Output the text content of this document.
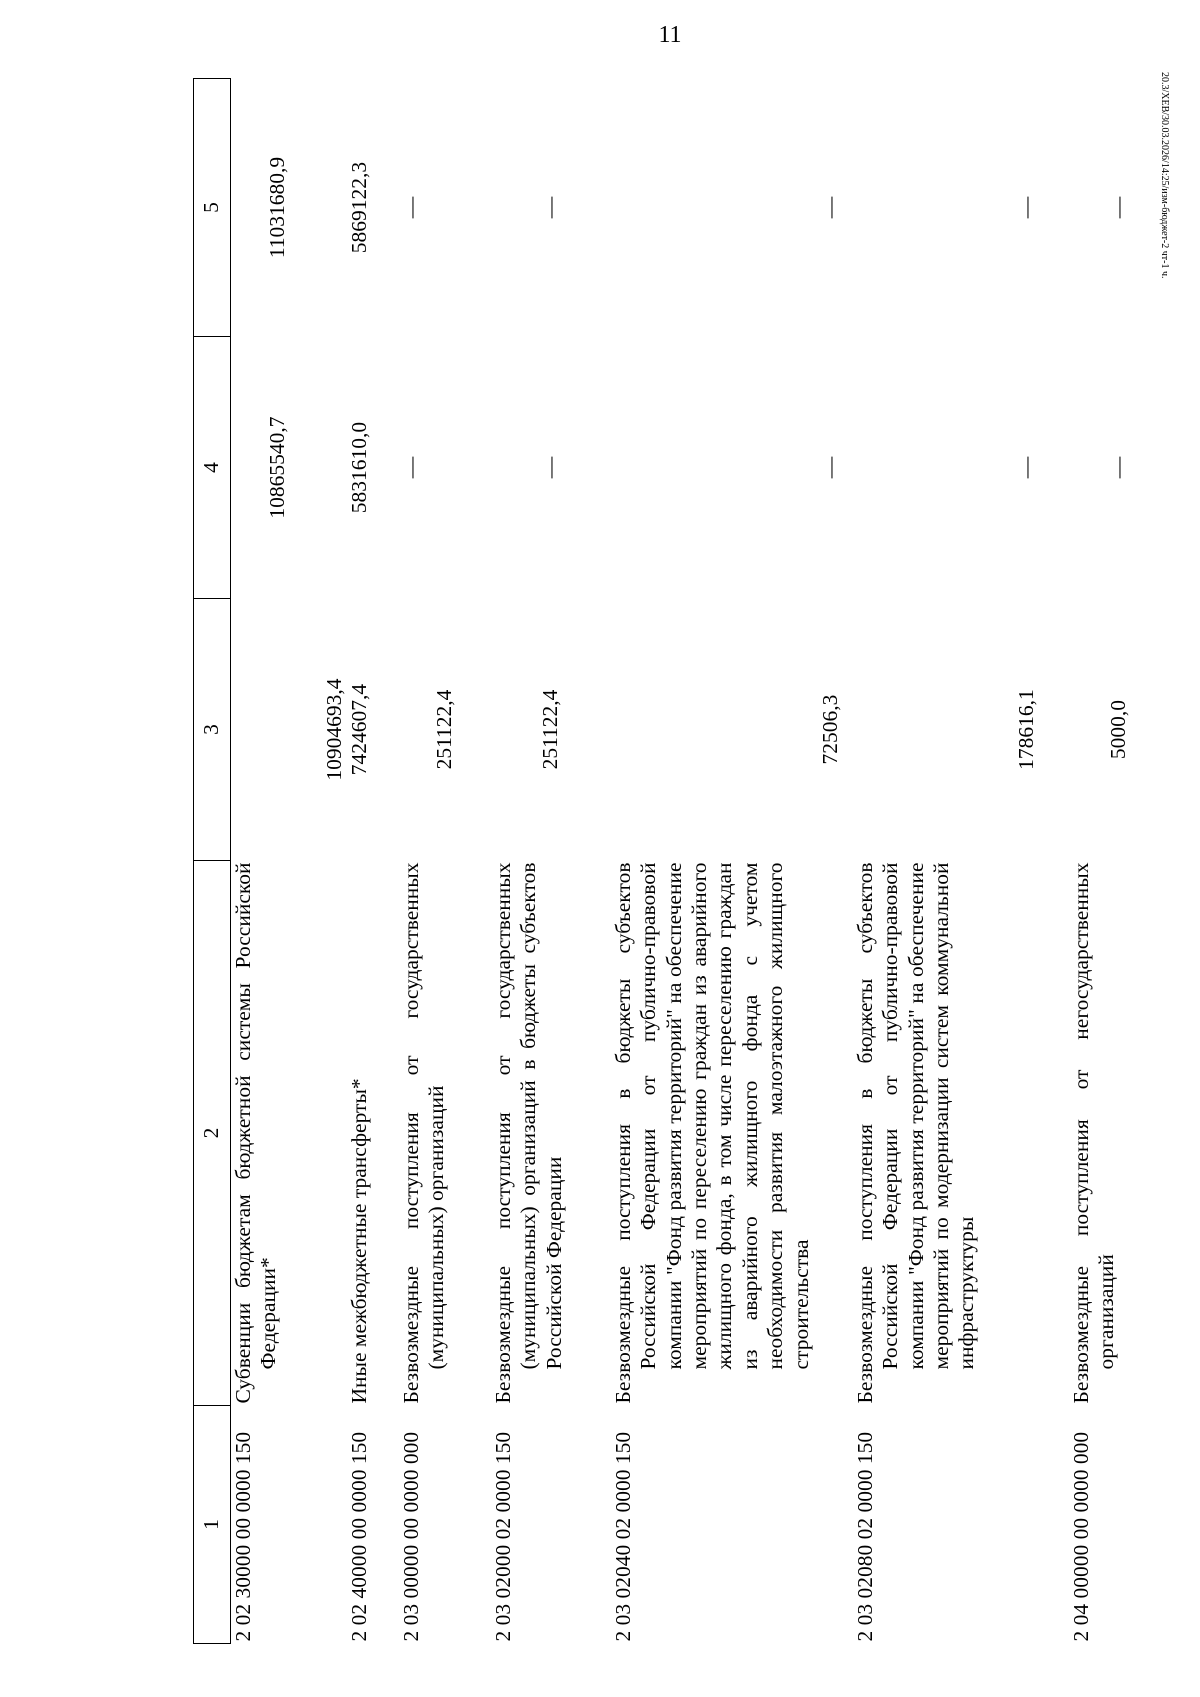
11
20.3/XEB/30.03.2026/14:25/изм-бюджет-2 чт-1 ч.
1	2	3	4	5
2 02 30000 00 0000 150	Субвенции бюджетам бюджетной системы Российской Федерации*	10904693,4	10865540,7	11031680,9
2 02 40000 00 0000 150	Иные межбюджетные трансферты*	7424607,4	5831610,0	5869122,3
2 03 00000 00 0000 000	Безвозмездные поступления от государственных (муниципальных) организаций	251122,4	—	—
2 03 02000 02 0000 150	Безвозмездные поступления от государственных (муниципальных) организаций в бюджеты субъектов Российской Федерации	251122,4	—	—
2 03 02040 02 0000 150	Безвозмездные поступления в бюджеты субъектов Российской Федерации от публично-правовой компании "Фонд развития территорий" на обеспечение мероприятий по переселению граждан из аварийного жилищного фонда, в том числе переселению граждан из аварийного жилищного фонда с учетом необходимости развития малоэтажного жилищного строительства	72506,3	—	—
2 03 02080 02 0000 150	Безвозмездные поступления в бюджеты субъектов Российской Федерации от публично-правовой компании "Фонд развития территорий" на обеспечение мероприятий по модернизации систем коммунальной инфраструктуры	178616,1	—	—
2 04 00000 00 0000 000	Безвозмездные поступления от негосударственных организаций	5000,0	—	—
